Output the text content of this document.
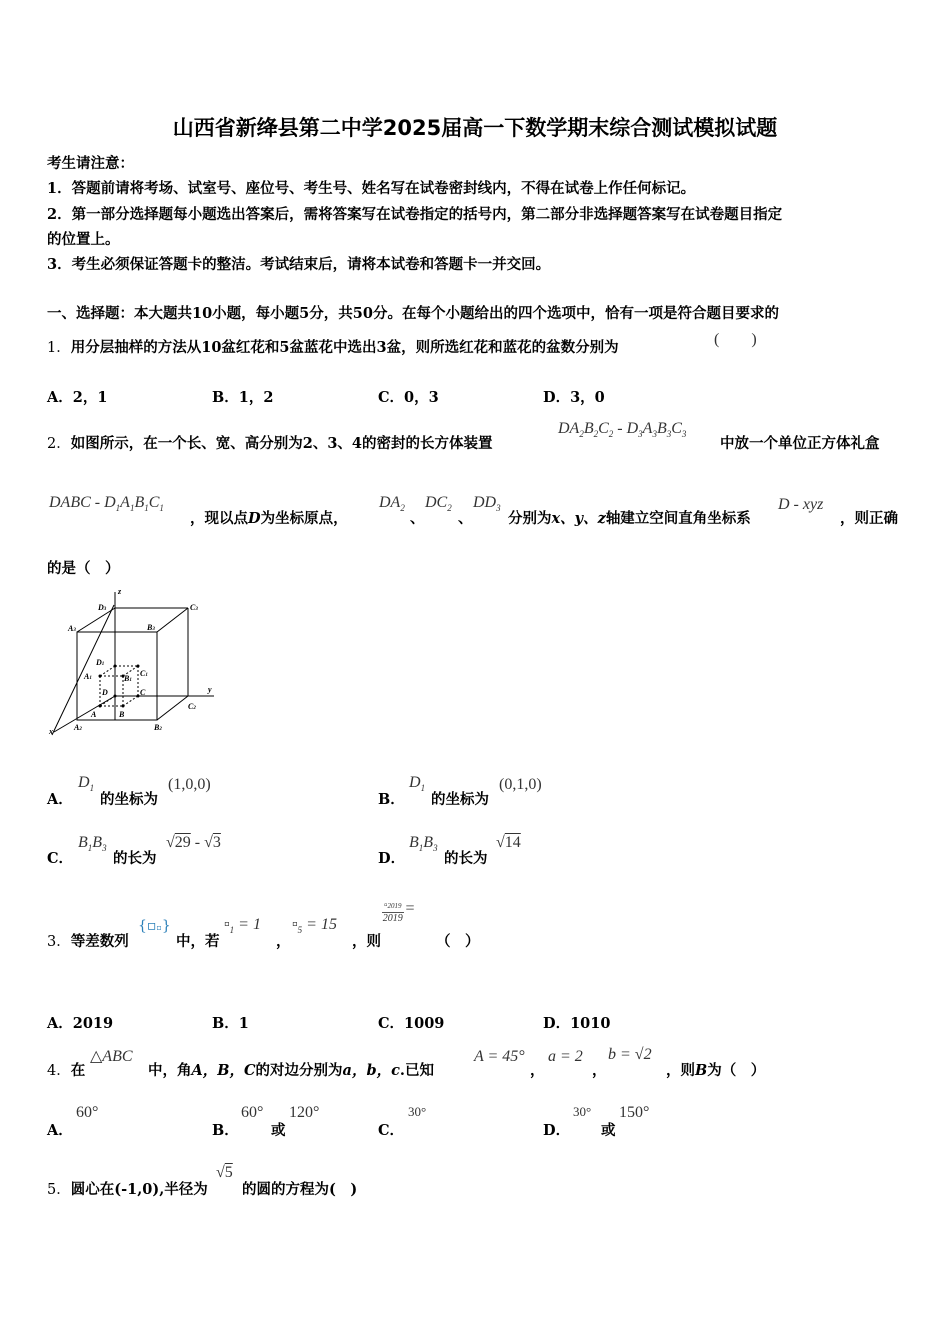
山西省新绛县第二中学2025届高一下数学期末综合测试模拟试题
考生请注意：
1．答题前请将考场、试室号、座位号、考生号、姓名写在试卷密封线内，不得在试卷上作任何标记。
2．第一部分选择题每小题选出答案后，需将答案写在试卷指定的括号内，第二部分非选择题答案写在试卷题目指定
的位置上。
3．考生必须保证答题卡的整洁。考试结束后，请将本试卷和答题卡一并交回。
一、选择题：本大题共10小题，每小题5分，共50分。在每个小题给出的四个选项中，恰有一项是符合题目要求的
1．用分层抽样的方法从10盆红花和5盆蓝花中选出3盆，则所选红花和蓝花的盆数分别为	(　　)
A．2，1	B．1，2	C．0，3	D．3，0
2．如图所示，在一个长、宽、高分别为2、3、4的密封的长方体装置
$DA_2B_2C_2 - D_3A_3B_3C_3$
中放一个单位正方体礼盒
DABC - $D_1A_1B_1C_1$
，现以点D为坐标原点，
$DA_2$
、
$DC_2$
、
$DD_3$
分别为x、y、z轴建立空间直角坐标系
D - xyz
，则正确
的是（　）
z
D3	C3
A3	B3
D1
C1
A1	B1
D	C	y
A	B
C2
x	A2	B2
A．
$D_1$
的坐标为
(1,0,0)
B．
$D_1$
的坐标为
(0,1,0)
C．
$B_1B_3$
的长为
√29 - √3
D．
$B_1B_3$
的长为
√14
3．等差数列
{▫▫}
中，若
$▫_1 = 1$
，
$▫_5 = 15$
，则
$\frac{▫2019}{2019}$ =
（　）
A．2019	B．1	C．1009	D．1010
4．在
△ABC
中，角A，B，C的对边分别为a，b，c.已知
A = 45°
，
a = 2
，
b = √2
，则B为（　）
A．
60°
B．
60°
或
120°
C．
30°
D．
30°
或
150°
5．圆心在(-1,0),半径为
√5
的圆的方程为(　)
